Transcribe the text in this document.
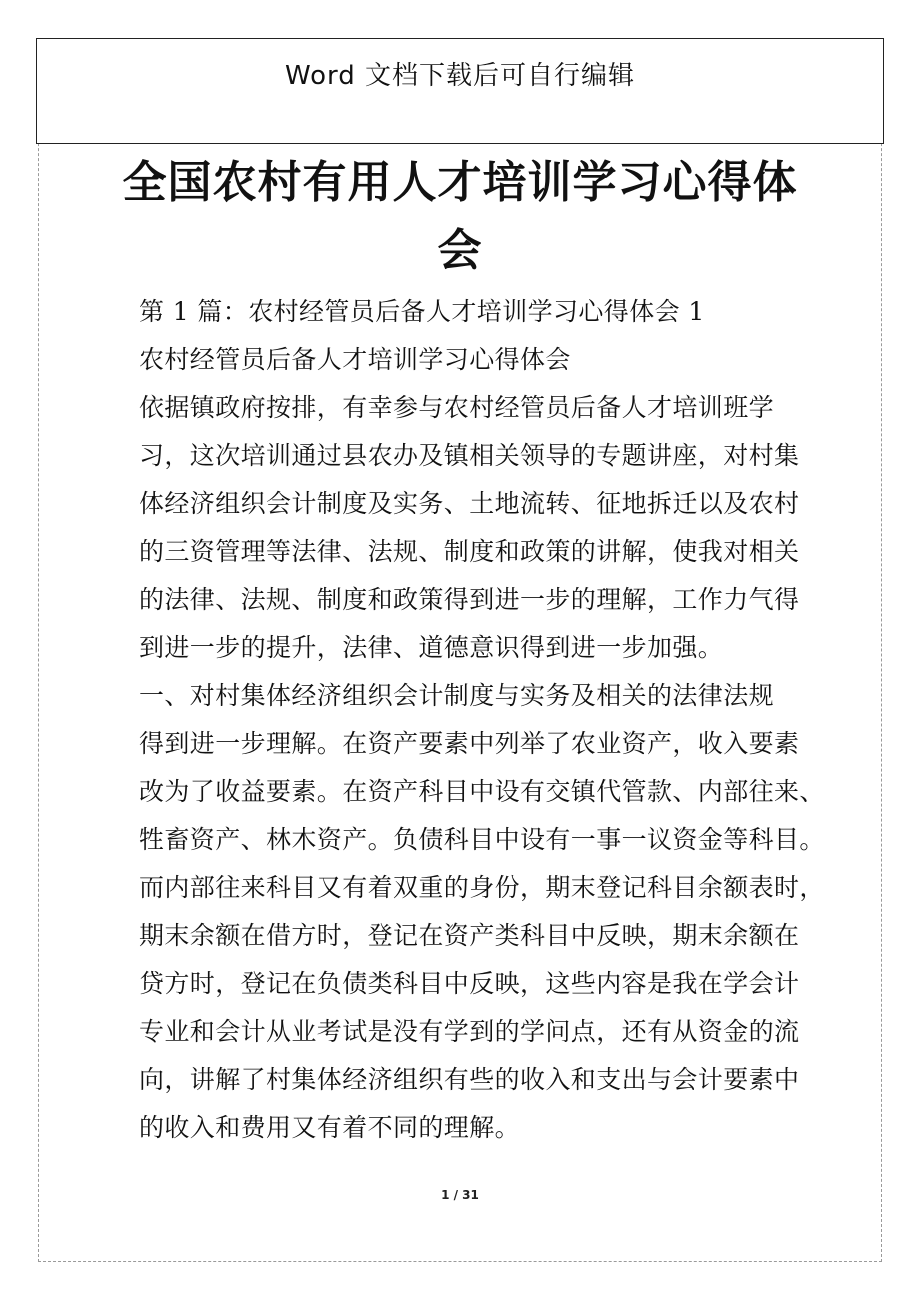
Word 文档下载后可自行编辑
全国农村有用人才培训学习心得体
会
第 1 篇：农村经管员后备人才培训学习心得体会 1
农村经管员后备人才培训学习心得体会
依据镇政府按排，有幸参与农村经管员后备人才培训班学
习，这次培训通过县农办及镇相关领导的专题讲座，对村集
体经济组织会计制度及实务、土地流转、征地拆迁以及农村
的三资管理等法律、法规、制度和政策的讲解，使我对相关
的法律、法规、制度和政策得到进一步的理解，工作力气得
到进一步的提升，法律、道德意识得到进一步加强。
一、对村集体经济组织会计制度与实务及相关的法律法规
得到进一步理解。在资产要素中列举了农业资产，收入要素
改为了收益要素。在资产科目中设有交镇代管款、内部往来、
牲畜资产、林木资产。负债科目中设有一事一议资金等科目。
而内部往来科目又有着双重的身份，期末登记科目余额表时，
期末余额在借方时，登记在资产类科目中反映，期末余额在
贷方时，登记在负债类科目中反映，这些内容是我在学会计
专业和会计从业考试是没有学到的学问点，还有从资金的流
向，讲解了村集体经济组织有些的收入和支出与会计要素中
的收入和费用又有着不同的理解。
1 / 31
